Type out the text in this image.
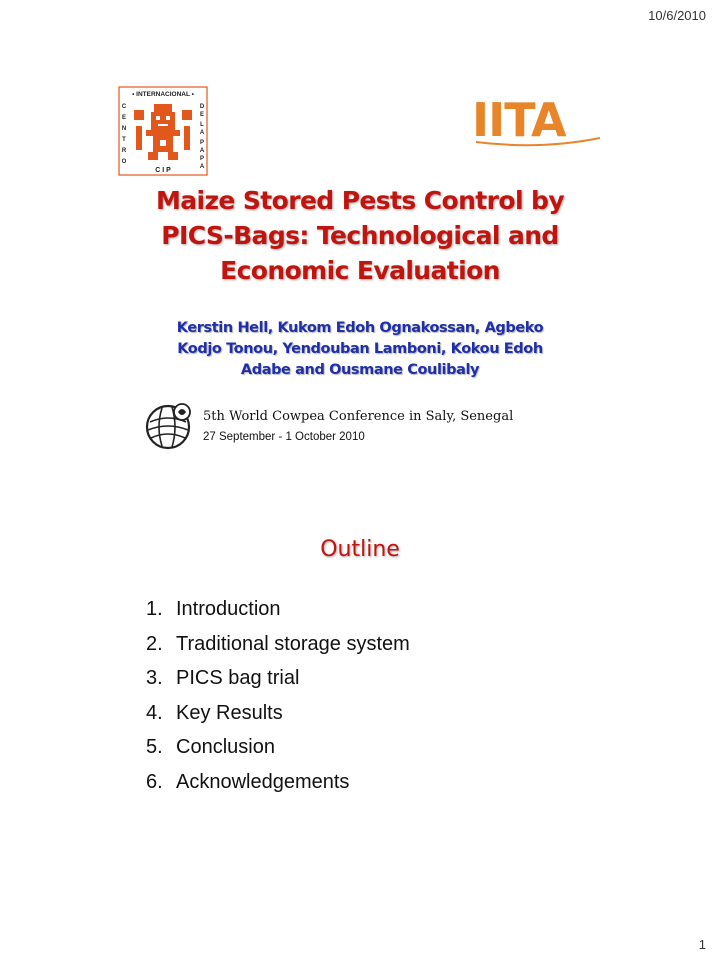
10/6/2010
• INTERNACIONAL •
C
E
N
T
R
O
D
E
L
A
P
A
P
A
C I P
IITA
Maize Stored Pests Control by
PICS-Bags: Technological and
Economic Evaluation
Kerstin Hell, Kukom Edoh Ognakossan, Agbeko
Kodjo Tonou, Yendouban Lamboni, Kokou Edoh
Adabe and Ousmane Coulibaly
5th World Cowpea Conference in Saly, Senegal
27 September - 1 October 2010
Outline
1. Introduction
2. Traditional storage system
3. PICS bag trial
4. Key Results
5. Conclusion
6. Acknowledgements
1
